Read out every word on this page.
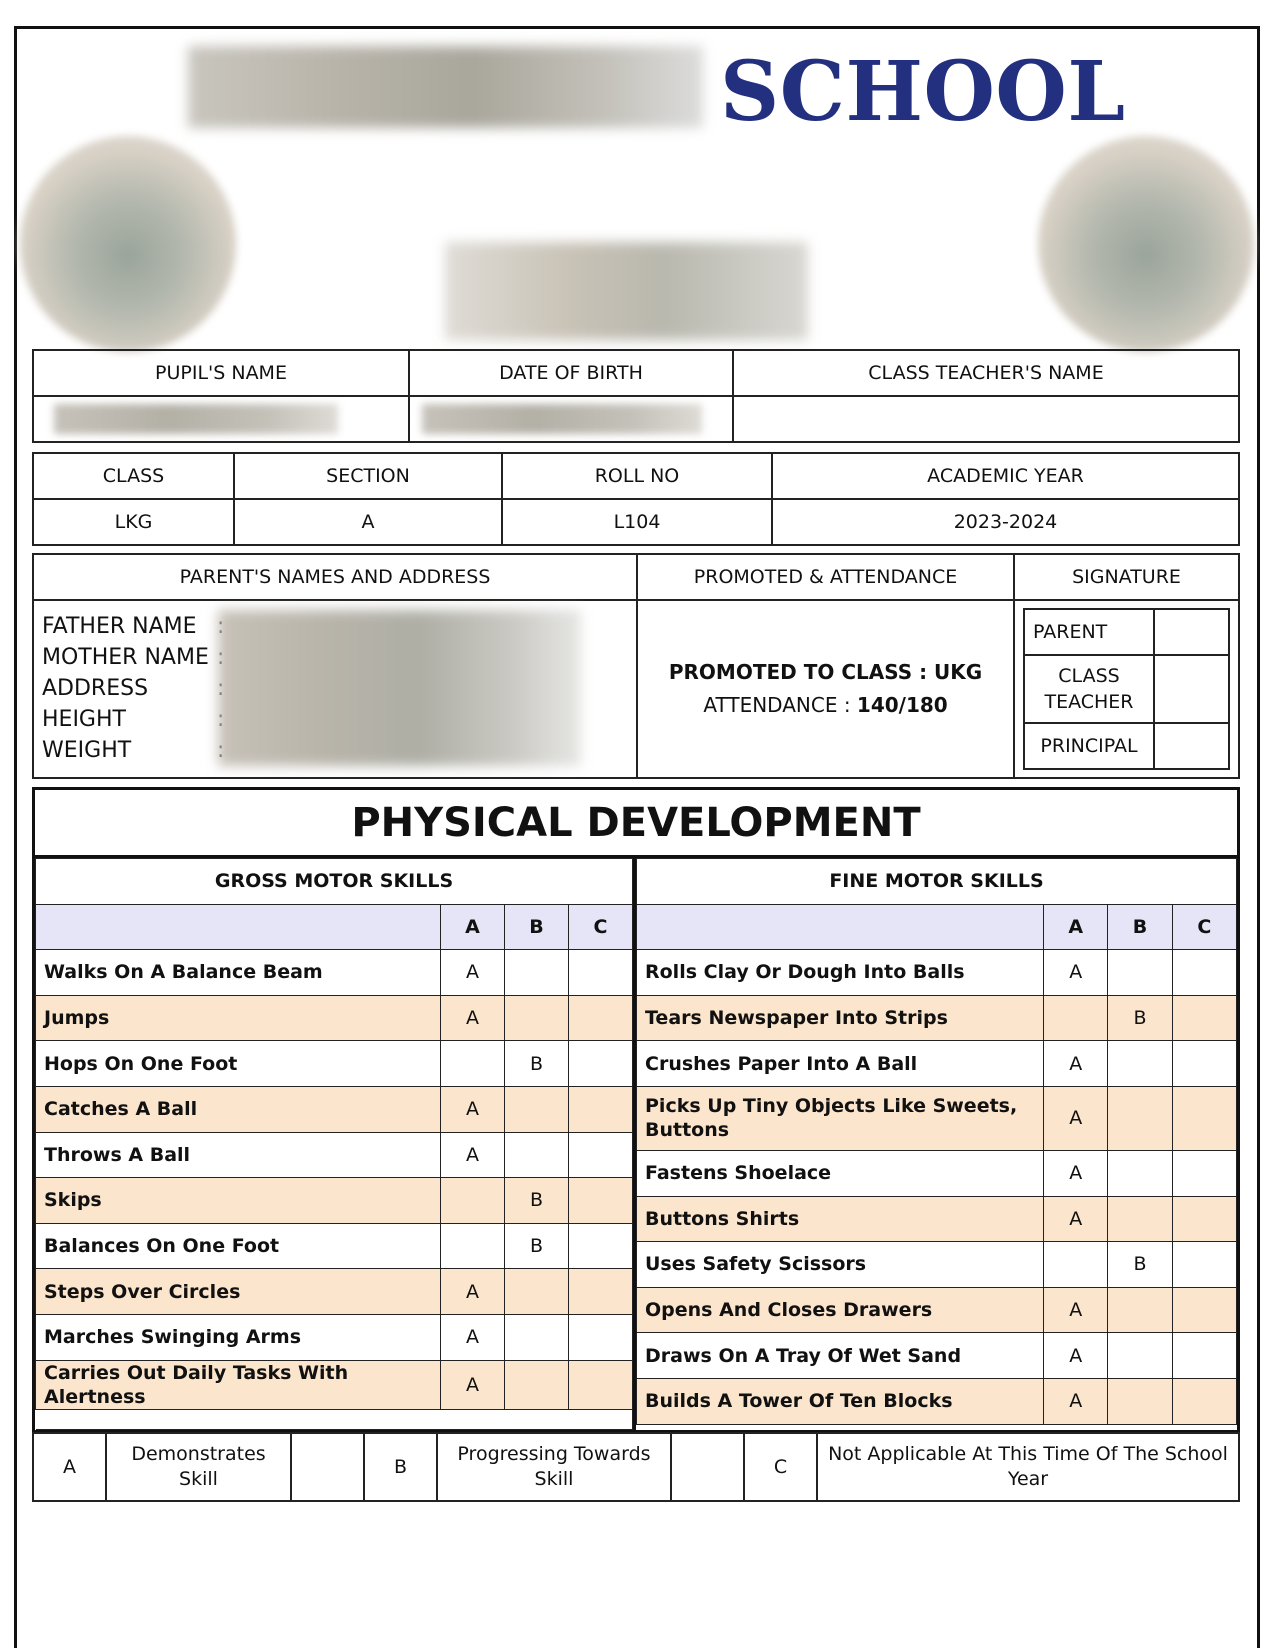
SCHOOL
PUPIL'S NAME	DATE OF BIRTH	CLASS TEACHER'S NAME

CLASS	SECTION	ROLL NO	ACADEMIC YEAR
LKG	A	L104	2023-2024
PARENT'S NAMES AND ADDRESS	PROMOTED & ATTENDANCE	SIGNATURE

FATHER NAME
MOTHER NAME
ADDRESS
HEIGHT
WEIGHT

PROMOTED TO CLASS : UKG
ATTENDANCE : 140/180

PARENT	
CLASS TEACHER	
PRINCIPAL	
PHYSICAL DEVELOPMENT
GROSS MOTOR SKILLS			
	A	B	C
Walks On A Balance Beam	A		
Jumps	A		
Hops On One Foot		B	
Catches A Ball	A		
Throws A Ball	A		
Skips		B	
Balances On One Foot		B	
Steps Over Circles	A		
Marches Swinging Arms	A		
Carries Out Daily Tasks With Alertness	A		

FINE MOTOR SKILLS			
	A	B	C
Rolls Clay Or Dough Into Balls	A		
Tears Newspaper Into Strips		B	
Crushes Paper Into A Ball	A		
Picks Up Tiny Objects Like Sweets, Buttons	A		
Fastens Shoelace	A		
Buttons Shirts	A		
Uses Safety Scissors		B	
Opens And Closes Drawers	A		
Draws On A Tray Of Wet Sand	A		
Builds A Tower Of Ten Blocks	A		
A	Demonstrates Skill		B	Progressing Towards Skill		C	Not Applicable At This Time Of The School Year
